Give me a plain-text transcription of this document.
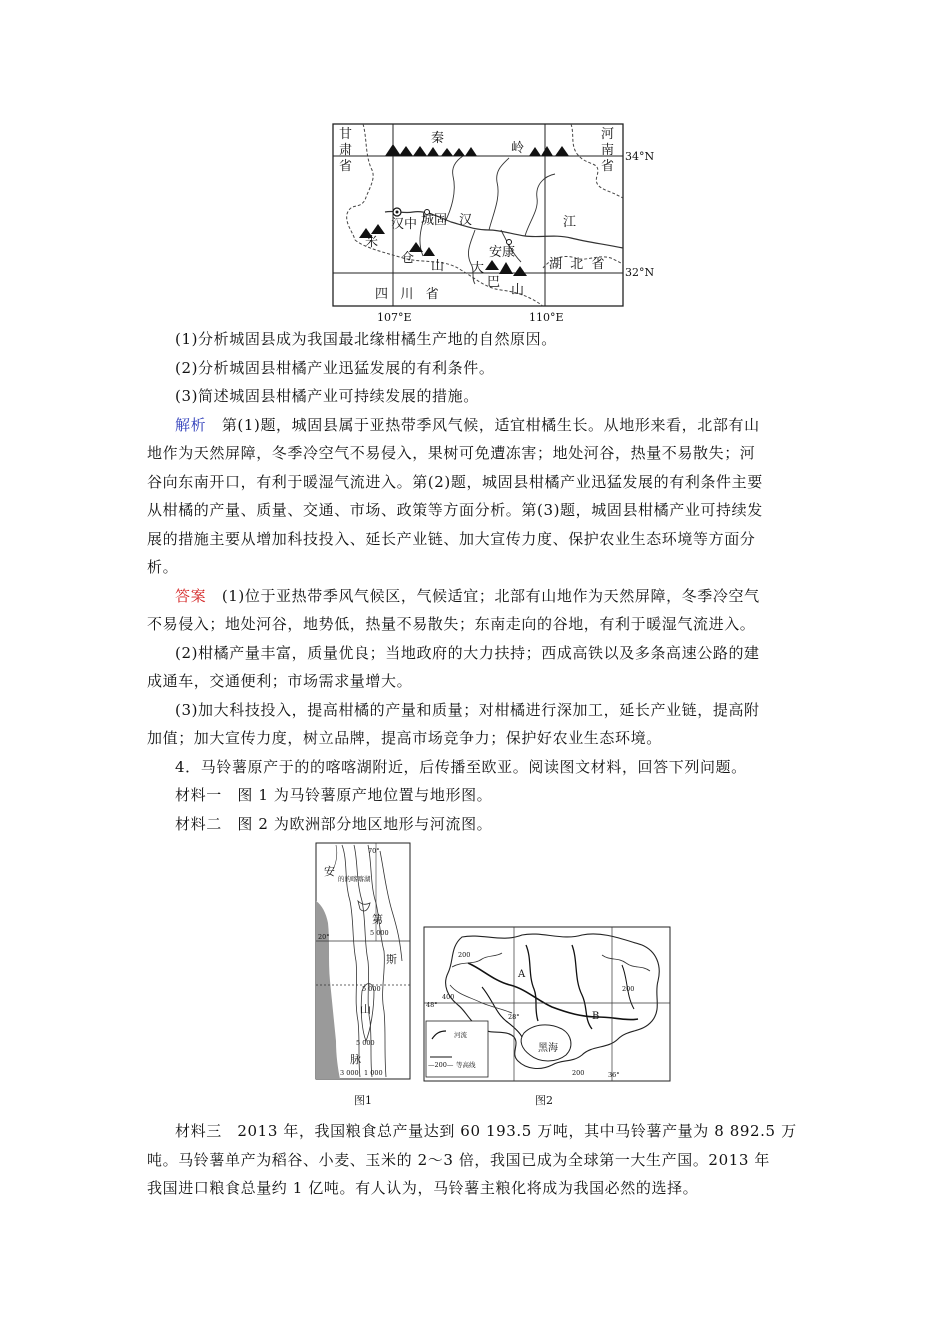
甘
肃
省
秦
岭
河
南
省
汉中 城固 汉	江
米
仓
山
安康
大
巴
山
湖  北  省
四   川   省
34°N
32°N
107°E	110°E
(1)分析城固县成为我国最北缘柑橘生产地的自然原因。
(2)分析城固县柑橘产业迅猛发展的有利条件。
(3)简述城固县柑橘产业可持续发展的措施。
解析　 第(1)题，城固县属于亚热带季风气候，适宜柑橘生长。从地形来看，北部有山
地作为天然屏障，冬季冷空气不易侵入，果树可免遭冻害；地处河谷，热量不易散失；河
谷向东南开口，有利于暖湿气流进入。第(2)题，城固县柑橘产业迅猛发展的有利条件主要
从柑橘的产量、质量、交通、市场、政策等方面分析。第(3)题，城固县柑橘产业可持续发
展的措施主要从增加科技投入、延长产业链、加大宣传力度、保护农业生态环境等方面分
析。
答案　 (1)位于亚热带季风气候区，气候适宜；北部有山地作为天然屏障，冬季冷空气
不易侵入；地处河谷，地势低，热量不易散失；东南走向的谷地，有利于暖湿气流进入。
(2)柑橘产量丰富，质量优良；当地政府的大力扶持；西成高铁以及多条高速公路的建
成通车，交通便利；市场需求量增大。
(3)加大科技投入，提高柑橘的产量和质量；对柑橘进行深加工，延长产业链，提高附
加值；加大宣传力度，树立品牌，提高市场竞争力；保护好农业生态环境。
4．马铃薯原产于的的喀喀湖附近，后传播至欧亚。阅读图文材料，回答下列问题。
材料一　图 1 为马铃薯原产地位置与地形图。
材料二　图 2 为欧洲部分地区地形与河流图。
安
第
斯
山
脉
的的喀喀湖
70°
20°	5 000
5 000
5 000
3 000 1 000
图1
河流
—200— 等高线
200
400
200
200
48°
28°
36°
A
B
黑海
图2
材料三　2013 年，我国粮食总产量达到 60 193.5 万吨，其中马铃薯产量为 8 892.5 万
吨。马铃薯单产为稻谷、小麦、玉米的 2～3 倍，我国已成为全球第一大生产国。2013 年
我国进口粮食总量约 1 亿吨。有人认为，马铃薯主粮化将成为我国必然的选择。
